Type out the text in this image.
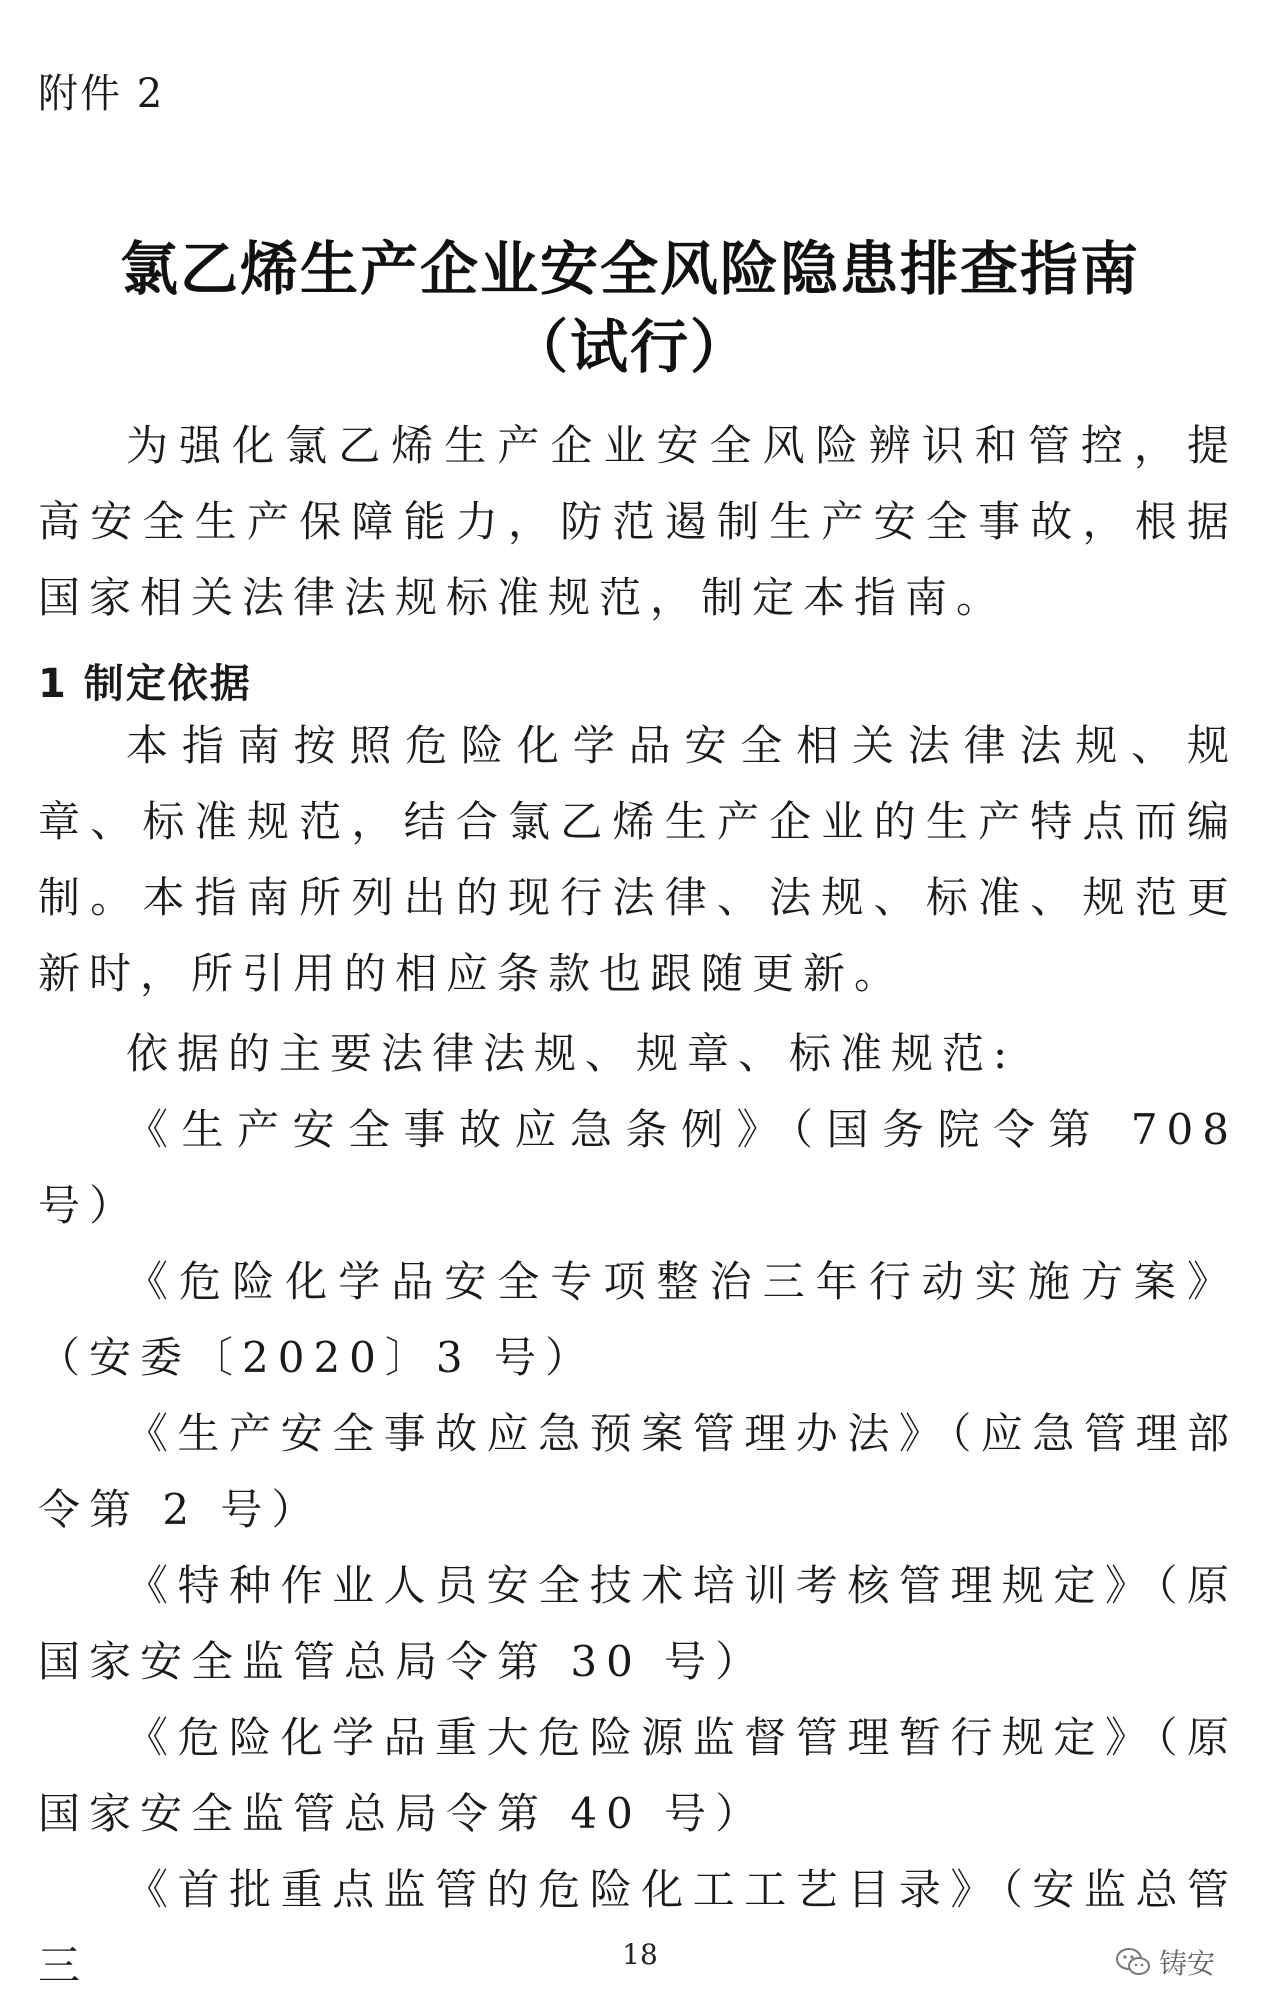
附件 2
氯乙烯生产企业安全风险隐患排查指南
（试行）
为强化氯乙烯生产企业安全风险辨识和管控，提高安全生产保障能力，防范遏制生产安全事故，根据国家相关法律法规标准规范，制定本指南。
1 制定依据
本指南按照危险化学品安全相关法律法规、规章、标准规范，结合氯乙烯生产企业的生产特点而编制。本指南所列出的现行法律、法规、标准、规范更新时，所引用的相应条款也跟随更新。
依据的主要法律法规、规章、标准规范:
《生产安全事故应急条例》（国务院令第 708 号）
《危险化学品安全专项整治三年行动实施方案》（安委〔2020〕3 号）
《生产安全事故应急预案管理办法》（应急管理部令第 2 号）
《特种作业人员安全技术培训考核管理规定》（原国家安全监管总局令第 30 号）
《危险化学品重大危险源监督管理暂行规定》（原国家安全监管总局令第 40 号）
《首批重点监管的危险化工工艺目录》（安监总管三	18	铸安
